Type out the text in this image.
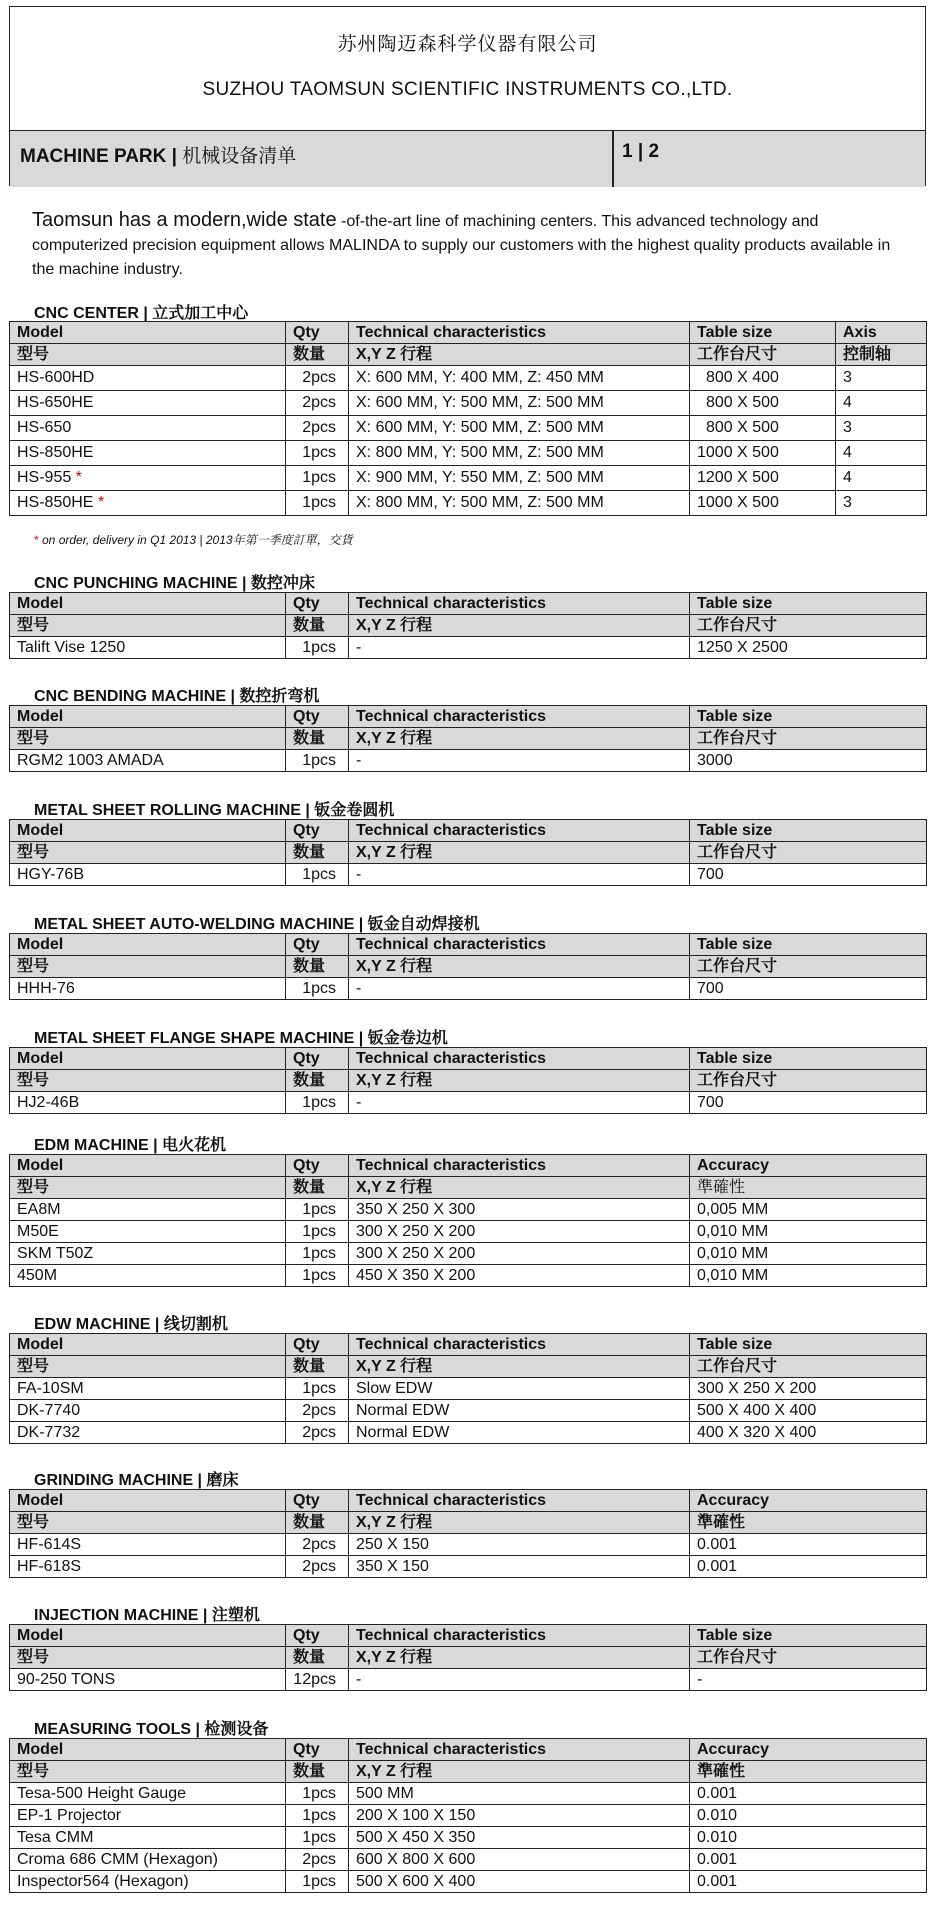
苏州陶迈森科学仪器有限公司
SUZHOU TAOMSUN SCIENTIFIC INSTRUMENTS CO.,LTD.
MACHINE PARK | 机械设备清单	1 | 2
Taomsun has a modern,wide state -of-the-art line of machining centers. This advanced technology and computerized precision equipment allows MALINDA to supply our customers with the highest quality products available in the machine industry.
CNC CENTER | 立式加工中心
Model	Qty	Technical characteristics	Table size	Axis
型号	数量	X,Y Z 行程	工作台尺寸	控制轴
HS-600HD	2pcs	X: 600 MM, Y: 400 MM, Z: 450 MM	800 X 400	3
HS-650HE	2pcs	X: 600 MM, Y: 500 MM, Z: 500 MM	800 X 500	4
HS-650	2pcs	X: 600 MM, Y: 500 MM, Z: 500 MM	800 X 500	3
HS-850HE	1pcs	X: 800 MM, Y: 500 MM, Z: 500 MM	1000 X 500	4
HS-955 *	1pcs	X: 900 MM, Y: 550 MM, Z: 500 MM	1200 X 500	4
HS-850HE *	1pcs	X: 800 MM, Y: 500 MM, Z: 500 MM	1000 X 500	3
* on order, delivery in Q1 2013 | 2013年第一季度訂單，交貨
CNC PUNCHING MACHINE | 数控冲床
Model	Qty	Technical characteristics	Table size
型号	数量	X,Y Z 行程	工作台尺寸
Talift Vise 1250	1pcs	-	1250 X 2500
CNC BENDING MACHINE | 数控折弯机
Model	Qty	Technical characteristics	Table size
型号	数量	X,Y Z 行程	工作台尺寸
RGM2 1003 AMADA	1pcs	-	3000
METAL SHEET ROLLING MACHINE | 钣金卷圆机
Model	Qty	Technical characteristics	Table size
型号	数量	X,Y Z 行程	工作台尺寸
HGY-76B	1pcs	-	700
METAL SHEET AUTO-WELDING MACHINE | 钣金自动焊接机
Model	Qty	Technical characteristics	Table size
型号	数量	X,Y Z 行程	工作台尺寸
HHH-76	1pcs	-	700
METAL SHEET FLANGE SHAPE MACHINE | 钣金卷边机
Model	Qty	Technical characteristics	Table size
型号	数量	X,Y Z 行程	工作台尺寸
HJ2-46B	1pcs	-	700
EDM MACHINE | 电火花机
Model	Qty	Technical characteristics	Accuracy
型号	数量	X,Y Z 行程	準確性
EA8M	1pcs	350 X 250 X 300	0,005 MM
M50E	1pcs	300 X 250 X 200	0,010 MM
SKM T50Z	1pcs	300 X 250 X 200	0,010 MM
450M	1pcs	450 X 350 X 200	0,010 MM
EDW MACHINE | 线切割机
Model	Qty	Technical characteristics	Table size
型号	数量	X,Y Z 行程	工作台尺寸
FA-10SM	1pcs	Slow EDW	300 X 250 X 200
DK-7740	2pcs	Normal EDW	500 X 400 X 400
DK-7732	2pcs	Normal EDW	400 X 320 X 400
GRINDING MACHINE | 磨床
Model	Qty	Technical characteristics	Accuracy
型号	数量	X,Y Z 行程	準確性
HF-614S	2pcs	250 X 150	0.001
HF-618S	2pcs	350 X 150	0.001
INJECTION MACHINE | 注塑机
Model	Qty	Technical characteristics	Table size
型号	数量	X,Y Z 行程	工作台尺寸
90-250 TONS	12pcs	-	-
MEASURING TOOLS | 检测设备
Model	Qty	Technical characteristics	Accuracy
型号	数量	X,Y Z 行程	準確性
Tesa-500 Height Gauge	1pcs	500 MM	0.001
EP-1 Projector	1pcs	200 X 100 X 150	0.010
Tesa CMM	1pcs	500 X 450 X 350	0.010
Croma 686 CMM (Hexagon)	2pcs	600 X 800 X 600	0.001
Inspector564 (Hexagon)	1pcs	500 X 600 X 400	0.001
